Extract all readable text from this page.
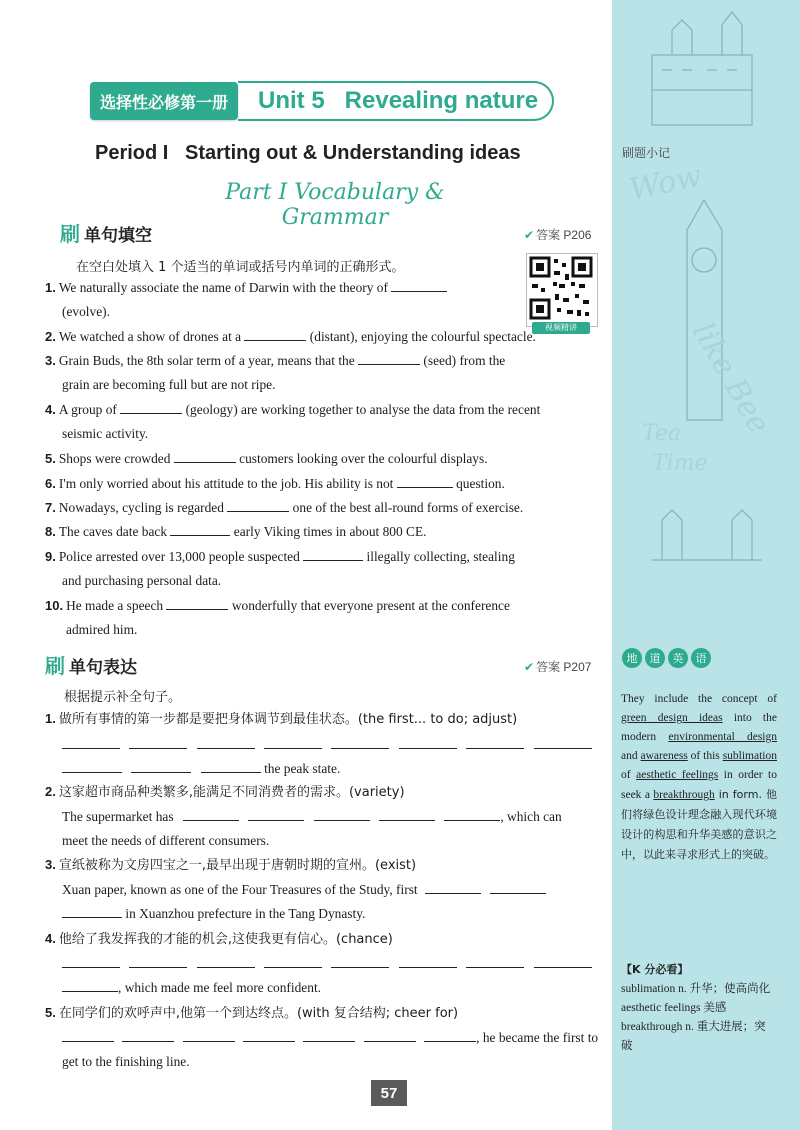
Wow
like Bee
Tea
Time
刷题小记
地	道	英	语
They include the concept of green design ideas into the modern environmental design and awareness of this sublimation of aesthetic feelings in order to seek a breakthrough in form. 他们将绿色设计理念融入现代环境设计的构思和升华美感的意识之中，以此来寻求形式上的突破。
【K 分必看】
sublimation n. 升华；使高尚化
aesthetic feelings 美感
breakthrough n. 重大进展；突破
选择性必修第一册	Unit 5 Revealing nature
Period I   Starting out & Understanding ideas
Part I Vocabulary & Grammar
刷 单句填空	✔ 答案 P206
在空白处填入 1 个适当的单词或括号内单词的正确形式。
视频精讲
1. We naturally associate the name of Darwin with the theory of
(evolve).
2. We watched a show of drones at a	(distant), enjoying the colourful spectacle.
3. Grain Buds, the 8th solar term of a year, means that the	(seed) from the
grain are becoming full but are not ripe.
4. A group of	(geology) are working together to analyse the data from the recent
seismic activity.
5. Shops were crowded	customers looking over the colourful displays.
6. I'm only worried about his attitude to the job. His ability is not	question.
7. Nowadays, cycling is regarded	one of the best all-round forms of exercise.
8. The caves date back	early Viking times in about 800 CE.
9. Police arrested over 13,000 people suspected	illegally collecting, stealing
and purchasing personal data.
10. He made a speech	wonderfully that everyone present at the conference
admired him.
刷 单句表达	✔ 答案 P207
根据提示补全句子。
1. 做所有事情的第一步都是要把身体调节到最佳状态。(the first... to do; adjust)

the peak state.
2. 这家超市商品种类繁多,能满足不同消费者的需求。(variety)
The supermarket has	, which can
meet the needs of different consumers.
3. 宣纸被称为文房四宝之一,最早出现于唐朝时期的宣州。(exist)
Xuan paper, known as one of the Four Treasures of the Study, first
in Xuanzhou prefecture in the Tang Dynasty.
4. 他给了我发挥我的才能的机会,这使我更有信心。(chance)

, which made me feel more confident.
5. 在同学们的欢呼声中,他第一个到达终点。(with 复合结构; cheer for)
, he became the first to
get to the finishing line.
57
